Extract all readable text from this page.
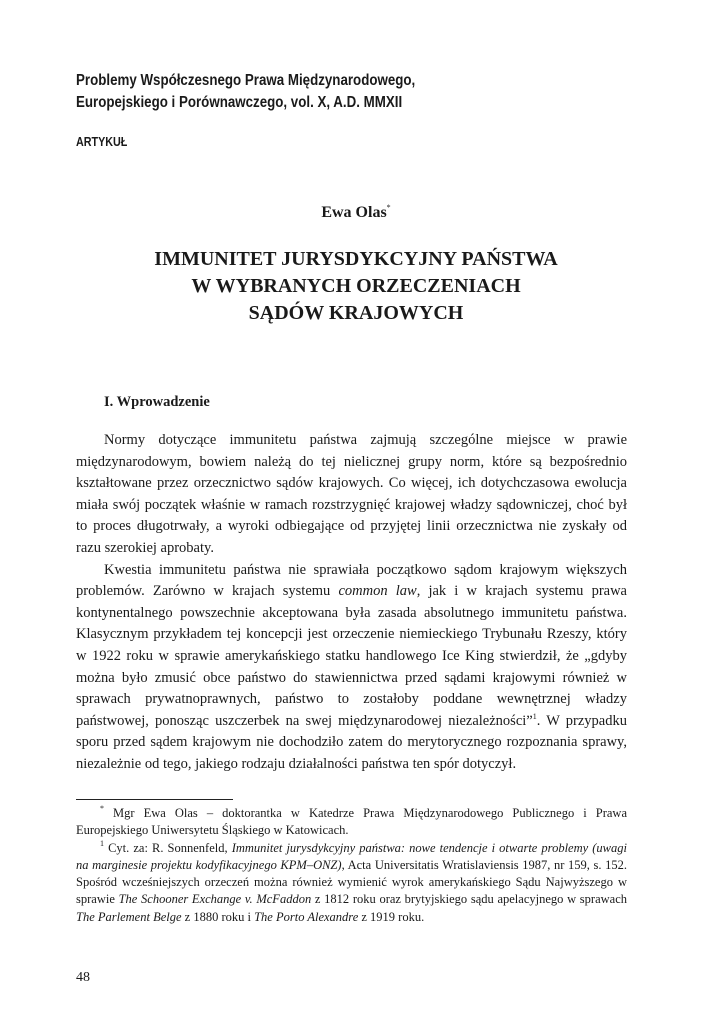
Problemy Współczesnego Prawa Międzynarodowego,
Europejskiego i Porównawczego, vol. X, A.D. MMXII
ARTYKUŁ
Ewa Olas*
IMMUNITET JURYSDYKCYJNY PAŃSTWA
W WYBRANYCH ORZECZENIACH
SĄDÓW KRAJOWYCH
I. Wprowadzenie

Normy dotyczące immunitetu państwa zajmują szczególne miejsce w prawie międzynarodowym, bowiem należą do tej nielicznej grupy norm, które są bezpośrednio kształtowane przez orzecznictwo sądów krajowych. Co więcej, ich dotychczasowa ewolucja miała swój początek właśnie w ramach rozstrzygnięć krajowej władzy sądowniczej, choć był to proces długotrwały, a wyroki odbiegające od przyjętej linii orzecznictwa nie zyskały od razu szerokiej aprobaty.

Kwestia immunitetu państwa nie sprawiała początkowo sądom krajowym większych problemów. Zarówno w krajach systemu common law, jak i w krajach systemu prawa kontynentalnego powszechnie akceptowana była zasada absolutnego immunitetu państwa. Klasycznym przykładem tej koncepcji jest orzeczenie niemieckiego Trybunału Rzeszy, który w 1922 roku w sprawie amerykańskiego statku handlowego Ice King stwierdził, że „gdyby można było zmusić obce państwo do stawiennictwa przed sądami krajowymi również w sprawach prywatnoprawnych, państwo to zostałoby poddane wewnętrznej władzy państwowej, ponosząc uszczerbek na swej międzynarodowej niezależności”$^1$. W przypadku sporu przed sądem krajowym nie dochodziło zatem do merytorycznego rozpoznania sprawy, niezależnie od tego, jakiego rodzaju działalności państwa ten spór dotyczył.

* Mgr Ewa Olas – doktorantka w Katedrze Prawa Międzynarodowego Publicznego i Prawa Europejskiego Uniwersytetu Śląskiego w Katowicach.

$^1$ Cyt. za: R. Sonnenfeld, Immunitet jurysdykcyjny państwa: nowe tendencje i otwarte problemy (uwagi na marginesie projektu kodyfikacyjnego KPM–ONZ), Acta Universitatis Wratislaviensis 1987, nr 159, s. 152. Spośród wcześniejszych orzeczeń można również wymienić wyrok amerykańskiego Sądu Najwyższego w sprawie The Schooner Exchange v. McFaddon z 1812 roku oraz brytyjskiego sądu apelacyjnego w sprawach The Parlement Belge z 1880 roku i The Porto Alexandre z 1919 roku.

48
